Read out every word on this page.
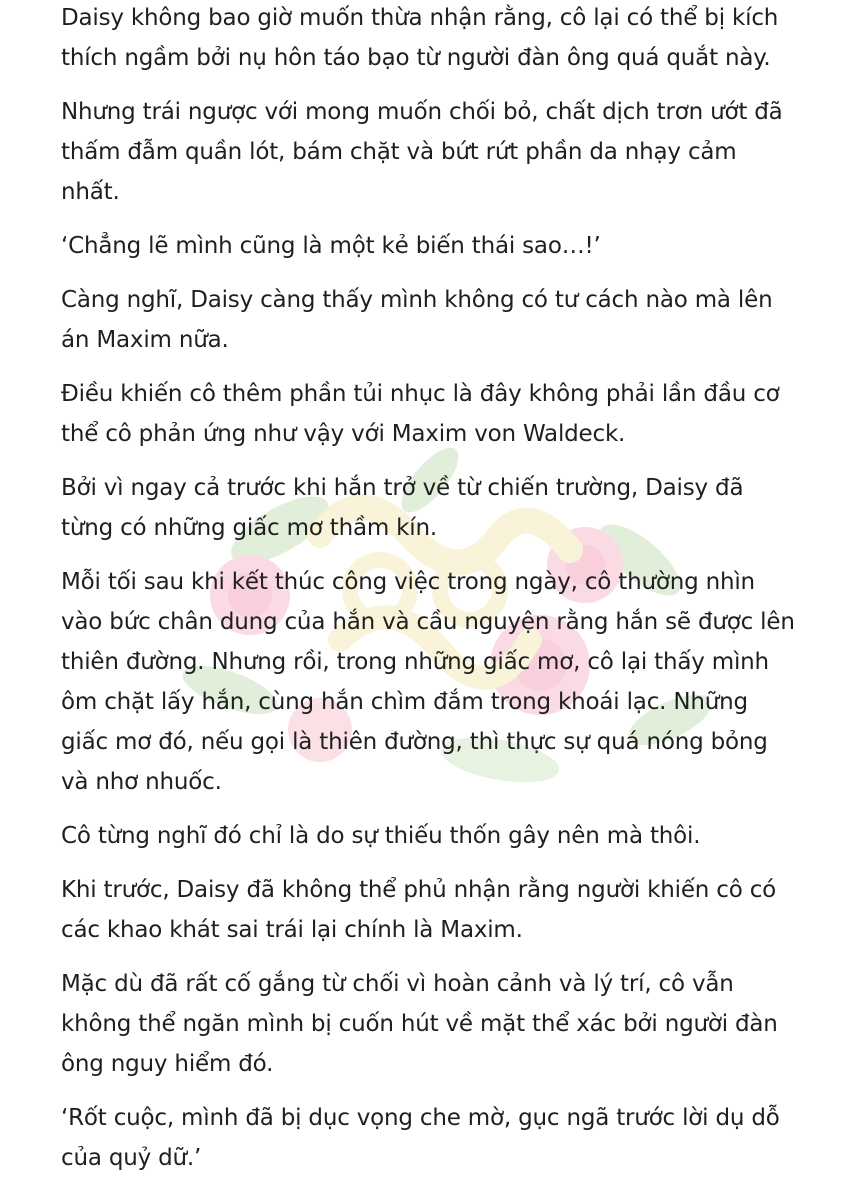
Daisy không bao giờ muốn thừa nhận rằng, cô lại có thể bị kích thích ngầm bởi nụ hôn táo bạo từ người đàn ông quá quắt này.

Nhưng trái ngược với mong muốn chối bỏ, chất dịch trơn ướt đã thấm đẫm quần lót, bám chặt và bứt rứt phần da nhạy cảm nhất.

‘Chẳng lẽ mình cũng là một kẻ biến thái sao…!’

Càng nghĩ, Daisy càng thấy mình không có tư cách nào mà lên án Maxim nữa.

Điều khiến cô thêm phần tủi nhục là đây không phải lần đầu cơ thể cô phản ứng như vậy với Maxim von Waldeck.

Bởi vì ngay cả trước khi hắn trở về từ chiến trường, Daisy đã từng có những giấc mơ thầm kín.

Mỗi tối sau khi kết thúc công việc trong ngày, cô thường nhìn vào bức chân dung của hắn và cầu nguyện rằng hắn sẽ được lên thiên đường. Nhưng rồi, trong những giấc mơ, cô lại thấy mình ôm chặt lấy hắn, cùng hắn chìm đắm trong khoái lạc. Những giấc mơ đó, nếu gọi là thiên đường, thì thực sự quá nóng bỏng và nhơ nhuốc.

Cô từng nghĩ đó chỉ là do sự thiếu thốn gây nên mà thôi.

Khi trước, Daisy đã không thể phủ nhận rằng người khiến cô có các khao khát sai trái lại chính là Maxim.

Mặc dù đã rất cố gắng từ chối vì hoàn cảnh và lý trí, cô vẫn không thể ngăn mình bị cuốn hút về mặt thể xác bởi người đàn ông nguy hiểm đó.

‘Rốt cuộc, mình đã bị dục vọng che mờ, gục ngã trước lời dụ dỗ của quỷ dữ.’
